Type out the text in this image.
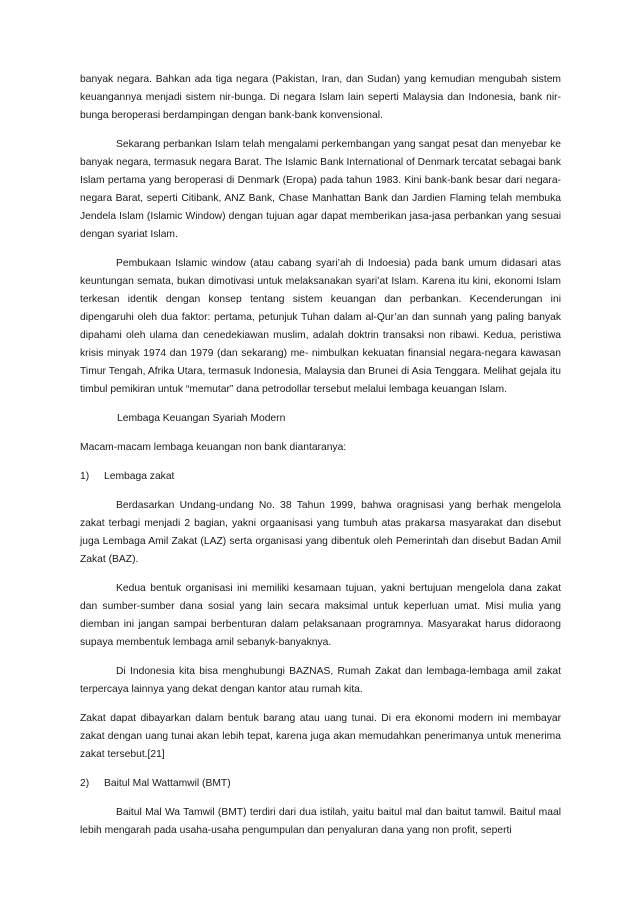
banyak negara. Bahkan ada tiga negara (Pakistan, Iran, dan Sudan) yang kemudian mengubah sistem keuangannya menjadi sistem nir-bunga. Di negara Islam lain seperti Malaysia dan Indonesia, bank nir-bunga beroperasi berdampingan dengan bank-bank konvensional.

Sekarang perbankan Islam telah mengalami perkembangan yang sangat pesat dan menyebar ke banyak negara, termasuk negara Barat. The Islamic Bank International of Denmark tercatat sebagai bank Islam pertama yang beroperasi di Denmark (Eropa) pada tahun 1983. Kini bank-bank besar dari negara-negara Barat, seperti Citibank, ANZ Bank, Chase Manhattan Bank dan Jardien Flaming telah membuka Jendela Islam (Islamic Window) dengan tujuan agar dapat memberikan jasa-jasa perbankan yang sesuai dengan syariat Islam.

Pembukaan Islamic window (atau cabang syari’ah di Indoesia) pada bank umum didasari atas keuntungan semata, bukan dimotivasi untuk melaksanakan syari’at Islam. Karena itu kini, ekonomi Islam terkesan identik dengan konsep tentang sistem keuangan dan perbankan. Kecenderungan ini dipengaruhi oleh dua faktor: pertama, petunjuk Tuhan dalam al-Qur’an dan sunnah yang paling banyak dipahami oleh ulama dan cenedekiawan muslim, adalah doktrin transaksi non ribawi. Kedua, peristiwa krisis minyak 1974 dan 1979 (dan sekarang) me- nimbulkan kekuatan finansial negara-negara kawasan Timur Tengah, Afrika Utara, termasuk Indonesia, Malaysia dan Brunei di Asia Tenggara. Melihat gejala itu timbul pemikiran untuk “memutar” dana petrodollar tersebut melalui lembaga keuangan Islam.

Lembaga Keuangan Syariah Modern
Macam-macam lembaga keuangan non bank diantaranya:
1)	Lembaga zakat

Berdasarkan Undang-undang No. 38 Tahun 1999, bahwa oragnisasi yang berhak mengelola zakat terbagi menjadi 2 bagian, yakni orgaanisasi yang tumbuh atas prakarsa masyarakat dan disebut juga Lembaga Amil Zakat (LAZ) serta organisasi yang dibentuk oleh Pemerintah dan disebut Badan Amil Zakat (BAZ).

Kedua bentuk organisasi ini memiliki kesamaan tujuan, yakni bertujuan mengelola dana zakat dan sumber-sumber dana sosial yang lain secara maksimal untuk keperluan umat. Misi mulia yang diemban ini jangan sampai berbenturan dalam pelaksanaan programnya. Masyarakat harus didoraong supaya membentuk lembaga amil sebanyk-banyaknya.

Di Indonesia kita bisa menghubungi BAZNAS, Rumah Zakat dan lembaga-lembaga amil zakat terpercaya lainnya yang dekat dengan kantor atau rumah kita.

Zakat dapat dibayarkan dalam bentuk barang atau uang tunai. Di era ekonomi modern ini membayar zakat dengan uang tunai akan lebih tepat, karena juga akan memudahkan penerimanya untuk menerima zakat tersebut.[21]

2)	Baitul Mal Wattamwil (BMT)

Baitul Mal Wa Tamwil (BMT) terdiri dari dua istilah, yaitu baitul mal dan baitut tamwil. Baitul maal lebih mengarah pada usaha-usaha pengumpulan dan penyaluran dana yang non profit, seperti
